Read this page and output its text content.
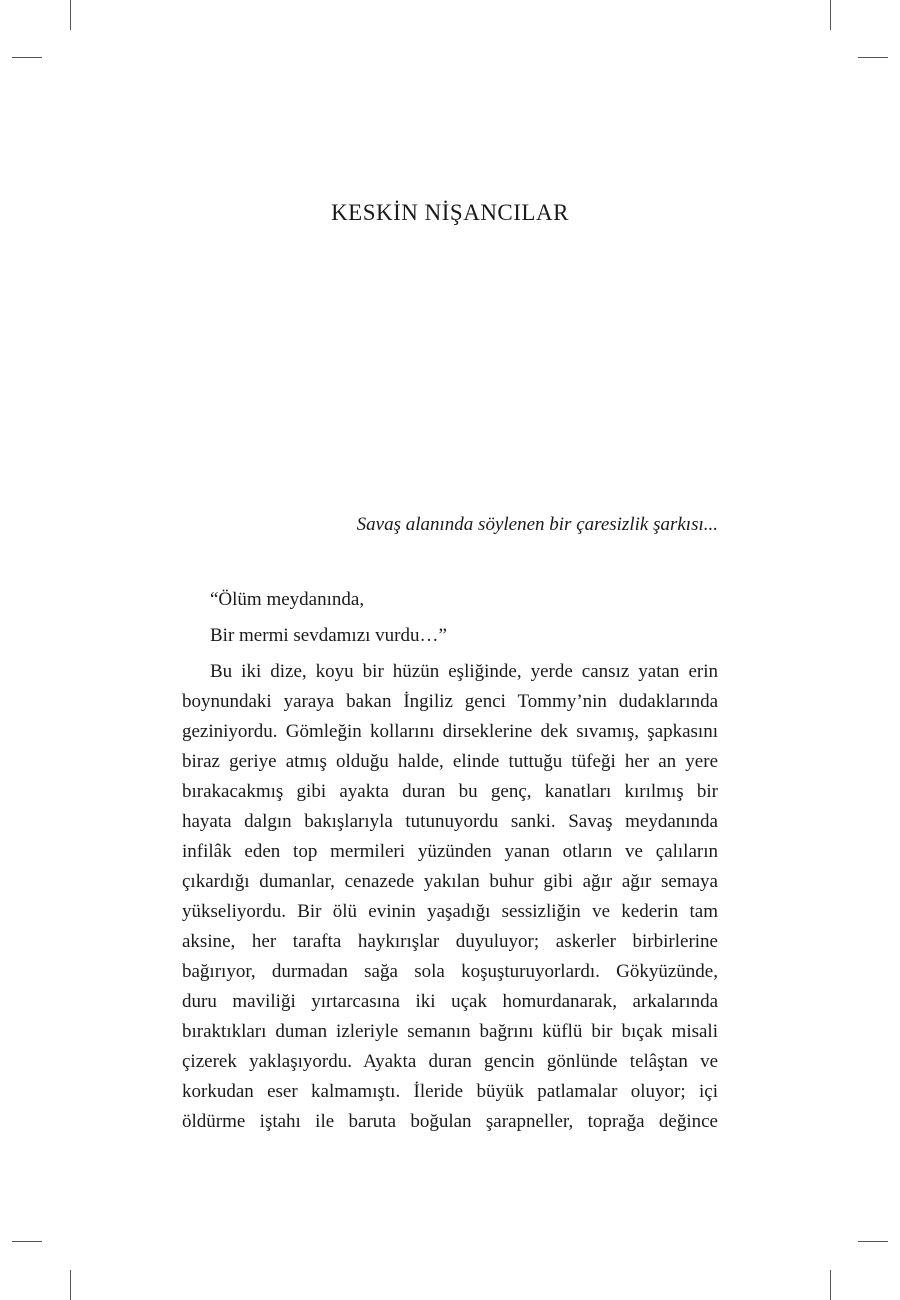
KESKİN NİŞANCILAR

Savaş alanında söylenen bir çaresizlik şarkısı...

“Ölüm meydanında,

Bir mermi sevdamızı vurdu…”

Bu iki dize, koyu bir hüzün eşliğinde, yerde cansız yatan erin
boynundaki yaraya bakan İngiliz genci Tommy’nin dudaklarında
geziniyordu. Gömleğin kollarını dirseklerine dek sıvamış, şapkasını
biraz geriye atmış olduğu halde, elinde tuttuğu tüfeği her an yere
bırakacakmış gibi ayakta duran bu genç, kanatları kırılmış bir
hayata dalgın bakışlarıyla tutunuyordu sanki. Savaş meydanında
infilâk eden top mermileri yüzünden yanan otların ve çalıların
çıkardığı dumanlar, cenazede yakılan buhur gibi ağır ağır semaya
yükseliyordu. Bir ölü evinin yaşadığı sessizliğin ve kederin tam
aksine, her tarafta haykırışlar duyuluyor; askerler birbirlerine
bağırıyor, durmadan sağa sola koşuşturuyorlardı. Gökyüzünde,
duru maviliği yırtarcasına iki uçak homurdanarak, arkalarında
bıraktıkları duman izleriyle semanın bağrını küflü bir bıçak misali
çizerek yaklaşıyordu. Ayakta duran gencin gönlünde telâştan ve
korkudan eser kalmamıştı. İleride büyük patlamalar oluyor; içi
öldürme iştahı ile baruta boğulan şarapneller, toprağa değince
